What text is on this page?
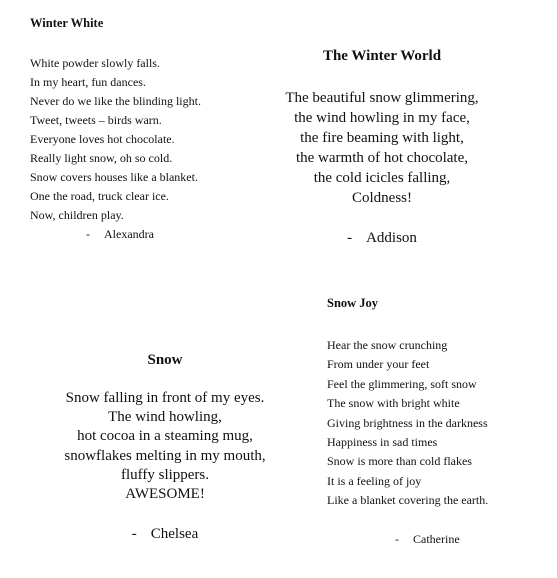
Winter White
White powder slowly falls.
In my heart, fun dances.
Never do we like the blinding light.
Tweet, tweets – birds warn.
Everyone loves hot chocolate.
Really light snow, oh so cold.
Snow covers houses like a blanket.
One the road, truck clear ice.
Now, children play.
- Alexandra
The Winter World
The beautiful snow glimmering,
the wind howling in my face,
the fire beaming with light,
the warmth of hot chocolate,
the cold icicles falling,
Coldness!
- Addison
Snow
Snow falling in front of my eyes.
The wind howling,
hot cocoa in a steaming mug,
snowflakes melting in my mouth,
fluffy slippers.
AWESOME!
- Chelsea
Snow Joy
Hear the snow crunching
From under your feet
Feel the glimmering, soft snow
The snow with bright white
Giving brightness in the darkness
Happiness in sad times
Snow is more than cold flakes
It is a feeling of joy
Like a blanket covering the earth.
- Catherine
